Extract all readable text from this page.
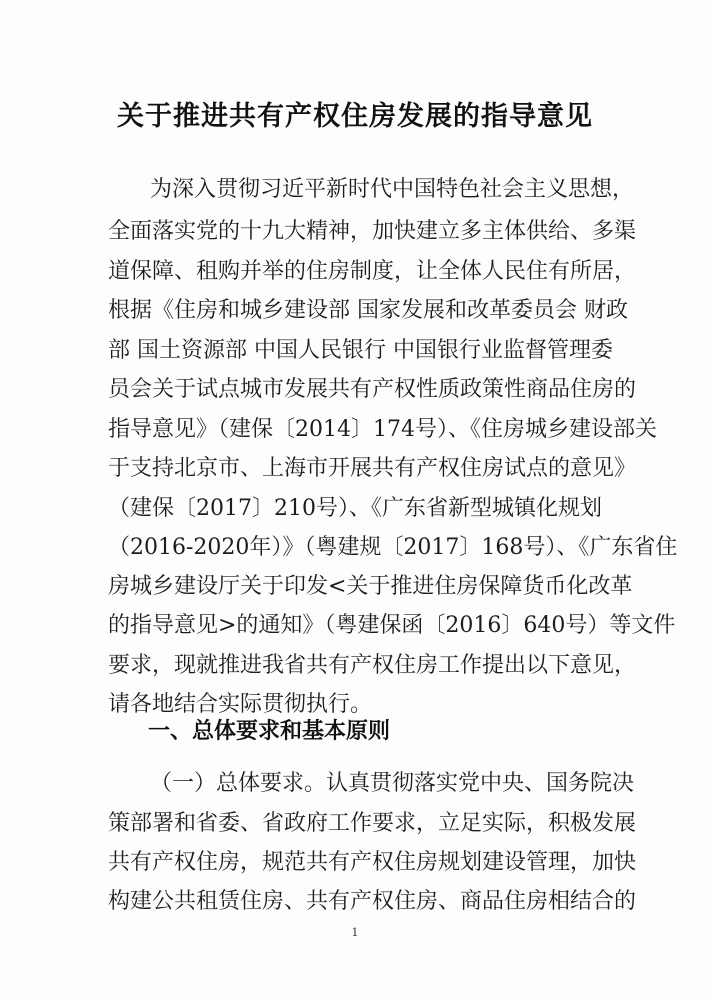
关于推进共有产权住房发展的指导意见
为深入贯彻习近平新时代中国特色社会主义思想，
全面落实党的十九大精神，加快建立多主体供给、多渠
道保障、租购并举的住房制度，让全体人民住有所居，
根据《住房和城乡建设部 国家发展和改革委员会 财政
部 国土资源部 中国人民银行 中国银行业监督管理委
员会关于试点城市发展共有产权性质政策性商品住房的
指导意见》（建保〔2014〕174号）、《住房城乡建设部关
于支持北京市、上海市开展共有产权住房试点的意见》
（建保〔2017〕210号）、《广东省新型城镇化规划
（2016-2020年）》（粤建规〔2017〕168号）、《广东省住
房城乡建设厅关于印发<关于推进住房保障货币化改革
的指导意见>的通知》（粤建保函〔2016〕640号）等文件
要求，现就推进我省共有产权住房工作提出以下意见，
请各地结合实际贯彻执行。
一、总体要求和基本原则
（一）总体要求。认真贯彻落实党中央、国务院决
策部署和省委、省政府工作要求，立足实际，积极发展
共有产权住房，规范共有产权住房规划建设管理，加快
构建公共租赁住房、共有产权住房、商品住房相结合的
1
